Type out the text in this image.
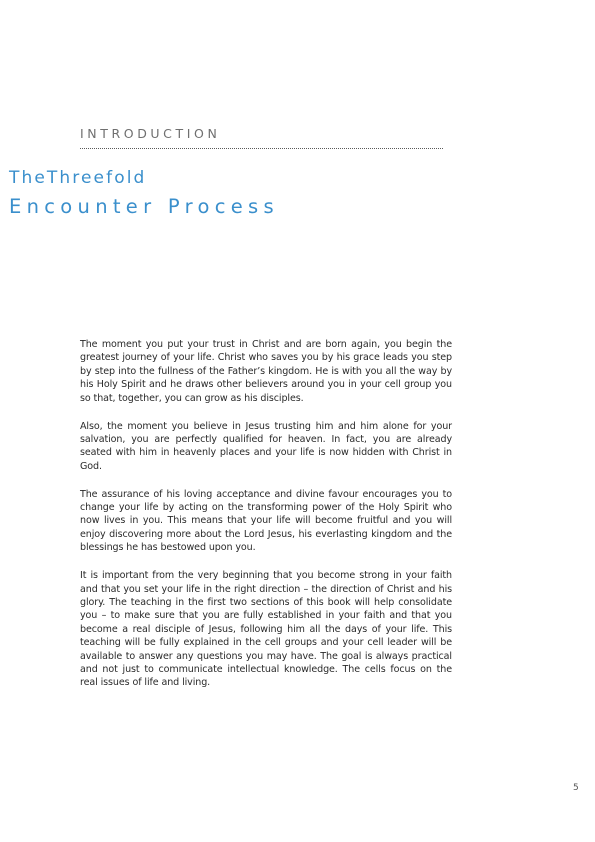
INTRODUCTION
TheThreefold
Encounter Process

The moment you put your trust in Christ and are born again, you begin the greatest journey of your life. Christ who saves you by his grace leads you step by step into the fullness of the Father’s kingdom. He is with you all the way by his Holy Spirit and he draws other believers around you in your cell group you so that, together, you can grow as his disciples.

Also, the moment you believe in Jesus trusting him and him alone for your salvation, you are perfectly qualified for heaven. In fact, you are already seated with him in heavenly places and your life is now hidden with Christ in God.

The assurance of his loving acceptance and divine favour encourages you to change your life by acting on the transforming power of the Holy Spirit who now lives in you. This means that your life will become fruitful and you will enjoy discovering more about the Lord Jesus, his everlasting kingdom and the blessings he has bestowed upon you.

It is important from the very beginning that you become strong in your faith and that you set your life in the right direction – the direction of Christ and his glory. The teaching in the first two sections of this book will help consolidate you – to make sure that you are fully established in your faith and that you become a real disciple of Jesus, following him all the days of your life. This teaching will be fully explained in the cell groups and your cell leader will be available to answer any questions you may have. The goal is always practical and not just to communicate intellectual knowledge. The cells focus on the real issues of life and living.

5
